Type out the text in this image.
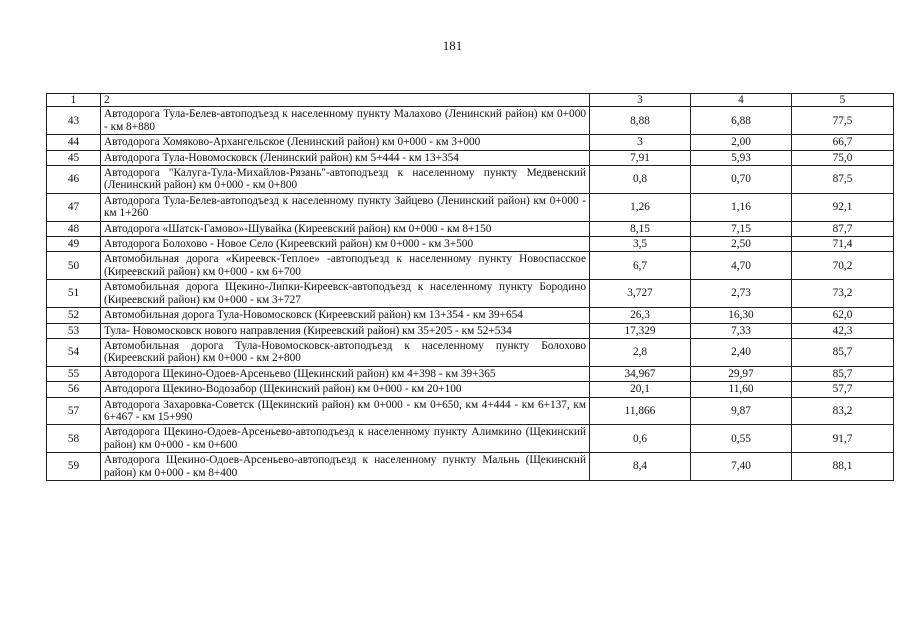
181
1	2	3	4	5
43	Автодорога Тула-Белев-автоподъезд к населенному пункту Малахово (Ленинский район) км 0+000 - км 8+880	8,88	6,88	77,5
44	Автодорога Хомяково-Архангельское (Ленинский район) км 0+000 - км 3+000	3	2,00	66,7
45	Автодорога Тула-Новомосковск (Ленинский район) км 5+444 - км 13+354	7,91	5,93	75,0
46	Автодорога "Калуга-Тула-Михайлов-Рязань"-автоподъезд к населенному пункту Медвенский (Ленинский район) км 0+000 - км 0+800	0,8	0,70	87,5
47	Автодорога Тула-Белев-автоподъезд к населенному пункту Зайцево (Ленинский район) км 0+000 - км 1+260	1,26	1,16	92,1
48	Автодорога «Шатск-Гамово»-Шувайка (Киреевский район) км 0+000 - км 8+150	8,15	7,15	87,7
49	Автодорога Болохово - Новое Село (Киреевский район) км 0+000 - км 3+500	3,5	2,50	71,4
50	Автомобильная дорога «Киреевск-Теплое» -автоподъезд к населенному пункту Новоспасское (Киреевский район) км 0+000 - км 6+700	6,7	4,70	70,2
51	Автомобильная дорога Щекино-Липки-Киреевск-автоподъезд к населенному пункту Бородино (Киреевский район) км 0+000 - км 3+727	3,727	2,73	73,2
52	Автомобильная дорога Тула-Новомосковск (Киреевский район) км 13+354 - км 39+654	26,3	16,30	62,0
53	Тула- Новомосковск нового направления (Киреевский район) км 35+205 - км 52+534	17,329	7,33	42,3
54	Автомобильная дорога Тула-Новомосковск-автоподъезд к населенному пункту Болохово (Киреевский район) км 0+000 - км 2+800	2,8	2,40	85,7
55	Автодорога Щекино-Одоев-Арсеньево (Щекинский район) км 4+398 - км 39+365	34,967	29,97	85,7
56	Автодорога Щекино-Водозабор (Щекинский район) км 0+000 - км 20+100	20,1	11,60	57,7
57	Автодорога Захаровка-Советск (Щекинский район) км 0+000 - км 0+650, км 4+444 - км 6+137, км 6+467 - км 15+990	11,866	9,87	83,2
58	Автодорога Щекино-Одоев-Арсеньево-автоподъезд к населенному пункту Алимкино (Щекинский район) км 0+000 - км 0+600	0,6	0,55	91,7
59	Автодорога Щекино-Одоев-Арсеньево-автоподъезд к населенному пункту Мальнь (Щекинскнй район) км 0+000 - км 8+400	8,4	7,40	88,1
